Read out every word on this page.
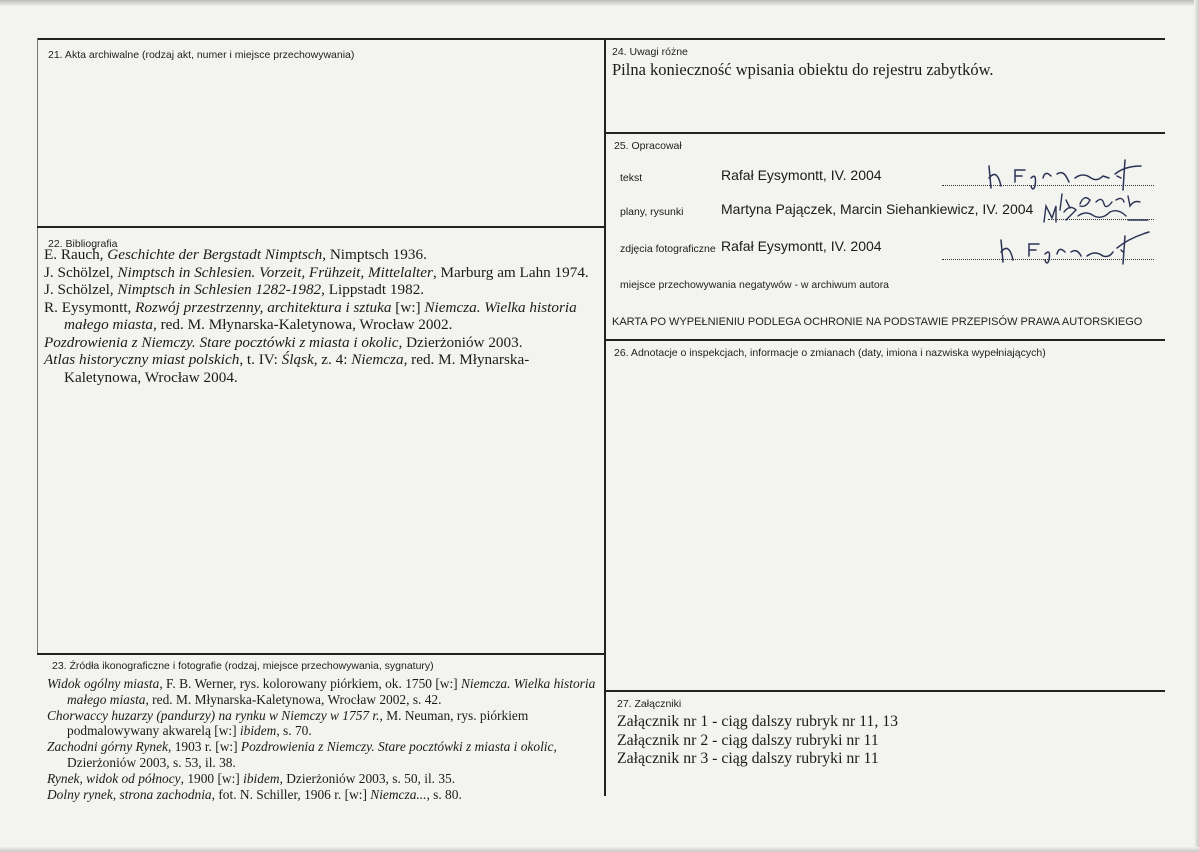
21. Akta archiwalne (rodzaj akt, numer i miejsce przechowywania)
22. Bibliografia
E. Rauch, Geschichte der Bergstadt Nimptsch, Nimptsch 1936.
J. Schölzel, Nimptsch in Schlesien. Vorzeit, Frühzeit, Mittelalter, Marburg am Lahn 1974.
J. Schölzel, Nimptsch in Schlesien 1282-1982, Lippstadt 1982.
R. Eysymontt, Rozwój przestrzenny, architektura i sztuka [w:] Niemcza. Wielka historia małego miasta, red. M. Młynarska-Kaletynowa, Wrocław 2002.
Pozdrowienia z Niemczy. Stare pocztówki z miasta i okolic, Dzierżoniów 2003.
Atlas historyczny miast polskich, t. IV: Śląsk, z. 4: Niemcza, red. M. Młynarska-Kaletynowa, Wrocław 2004.
23. Źródła ikonograficzne i fotografie (rodzaj, miejsce przechowywania, sygnatury)
Widok ogólny miasta, F. B. Werner, rys. kolorowany piórkiem, ok. 1750 [w:] Niemcza. Wielka historia małego miasta, red. M. Młynarska-Kaletynowa, Wrocław 2002, s. 42.
Chorwaccy huzarzy (pandurzy) na rynku w Niemczy w 1757 r., M. Neuman, rys. piórkiem podmalowywany akwarelą [w:] ibidem, s. 70.
Zachodni górny Rynek, 1903 r. [w:] Pozdrowienia z Niemczy. Stare pocztówki z miasta i okolic, Dzierżoniów 2003, s. 53, il. 38.
Rynek, widok od północy, 1900 [w:] ibidem, Dzierżoniów 2003, s. 50, il. 35.
Dolny rynek, strona zachodnia, fot. N. Schiller, 1906 r. [w:] Niemcza..., s. 80.
24. Uwagi różne
Pilna konieczność wpisania obiektu do rejestru zabytków.
25. Opracował
tekst	Rafał Eysymontt, IV. 2004
plany, rysunki	Martyna Pajączek, Marcin Siehankiewicz, IV. 2004
zdjęcia fotograficzne Rafał Eysymontt, IV. 2004
miejsce przechowywania negatywów - w archiwum autora
KARTA PO WYPEŁNIENIU PODLEGA OCHRONIE NA PODSTAWIE PRZEPISÓW PRAWA AUTORSKIEGO
26. Adnotacje o inspekcjach, informacje o zmianach (daty, imiona i nazwiska wypełniających)
27. Załączniki
Załącznik nr 1 - ciąg dalszy rubryk nr 11, 13
Załącznik nr 2 - ciąg dalszy rubryki nr 11
Załącznik nr 3 - ciąg dalszy rubryki nr 11
